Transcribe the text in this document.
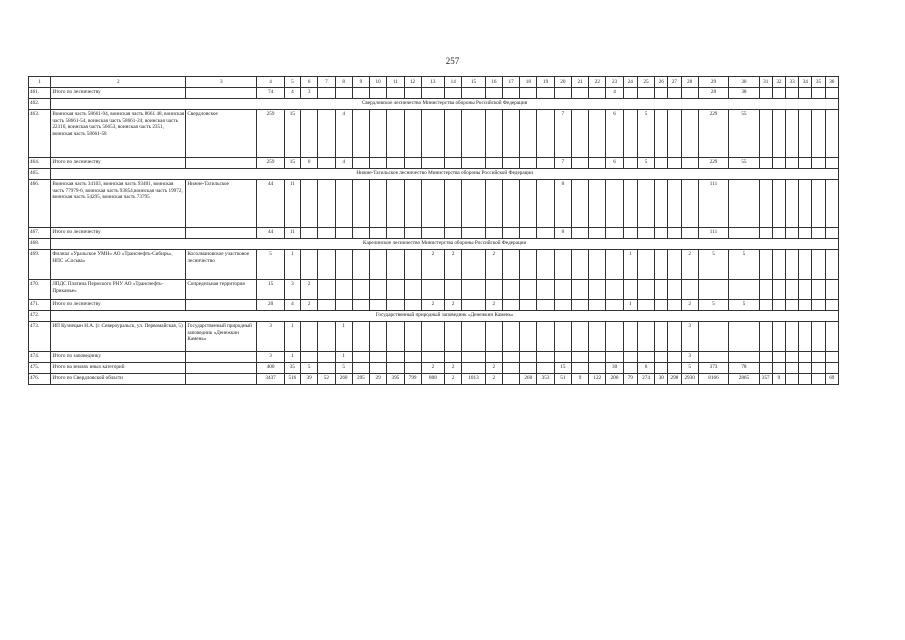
257
1	2	3	4	5	6	7	8	9	10	11	12	13	14	15	16	17	18	19	20	21	22	23	24	25	26	27	28	29	30	31	32	33	34	35	36
461.	Итого по лесничеству		74	4	3																	4						28	38						
462.	Свердловское лесничество Министерства обороны Российской Федерации																																		
463.	Воинская часть 58661-94, воинская часть 8661 48, воинская часть 58661-54, воинская часть 58661-24, воинская часть 22316, воинская часть 56653, воинская часть 2351, воинская часть 58661-58	Свердловское	259	15			4												7			6		5				229	55						
464.	Итого по лесничеству		259	15	0		4												7			6		5				229	55						
465.	Нижне-Тагильское лесничество Министерства обороны Российской Федерации																																		
466.	Воинская часть 34103, воинская часть 93401, воинская часть 77979-6, воинская часть 93854,воинская часть 19972, воинская часть 54295, воинская часть 73795	Нижне-Тагильское	44	11															8									111							
467.	Итого по лесничеству		44	11															8									111							
468.	Карелинское лесничество Министерства обороны Российской Федерации																																		
469.	Филиал «Уральское УМН» АО «Транснефть-Сибирь», НПС «Сосьва»	Косолмановское участковое лесничество	5	1								2	2		2								1				2	5	5						
470.	ЛПДС Платина Пермского РНУ АО «Транснефть-Прикамье»	Сопредельная территория	15	3	2																														
471.	Итого по лесничеству		20	4	2							2	2		2								1				2	5	5						
472.	Государственный природный заповедник «Денежкин Камень»																																		
473.	ИП Кузнецын Н.А. (г. Североуральск, ул. Первомайская, 5)	Государственный природный заповедник «Денежкин Камень»	3	1			1																				3								
474.	Итого по заповеднику		3	1			1																				3								
475.	Итого на землях иных категорий		400	35	5		5					2	2		2				15			30		6			5	373	78						
476.	Итого по Свердловской области		3437	516	39	52	260	295	29	395	799	808	2	1013	2		260	353	51	9	122	200	79	274	30	298	2930	8166	2865	357	9				69
